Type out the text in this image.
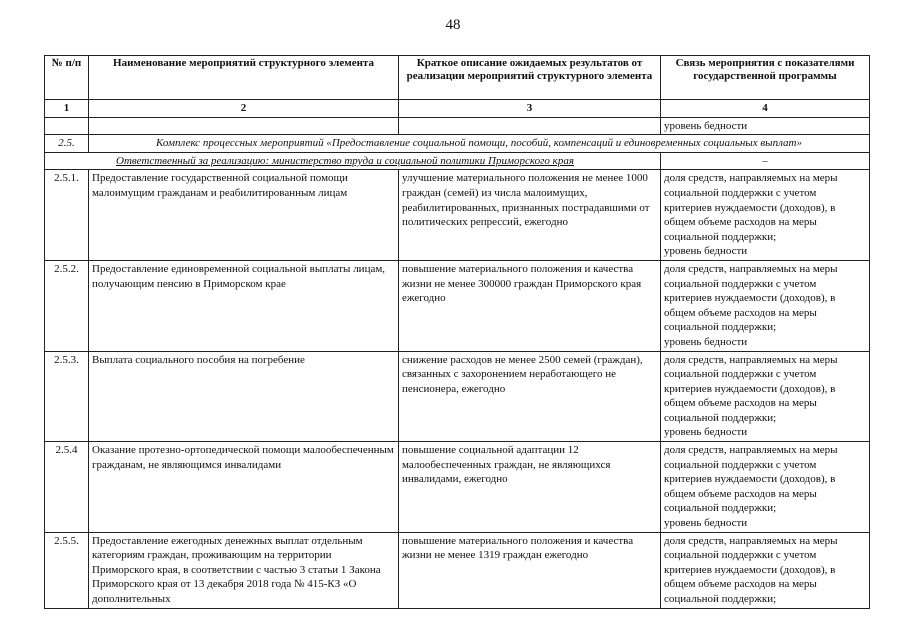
48
№ п/п	Наименование мероприятий структурного элемента	Краткое описание ожидаемых результатов от реализации мероприятий структурного элемента	Связь мероприятия с показателями государственной программы
1	2	3	4
			уровень бедности
2.5.	Комплекс процессных мероприятий «Предоставление социальной помощи, пособий, компенсаций и единовременных социальных выплат»		
Ответственный за реализацию: министерство труда и социальной политики Приморского края			–
2.5.1.	Предоставление государственной социальной помощи малоимущим гражданам и реабилитированным лицам	улучшение материального положения не менее 1000 граждан (семей) из числа малоимущих, реабилитированных, признанных пострадавшими от политических репрессий, ежегодно	доля средств, направляемых на меры социальной поддержки с учетом критериев нуждаемости (доходов), в общем объеме расходов на меры социальной поддержки;
уровень бедности
2.5.2.	Предоставление единовременной социальной выплаты лицам, получающим пенсию в Приморском крае	повышение материального положения и качества жизни не менее 300000 граждан Приморского края ежегодно	доля средств, направляемых на меры социальной поддержки с учетом критериев нуждаемости (доходов), в общем объеме расходов на меры социальной поддержки;
уровень бедности
2.5.3.	Выплата социального пособия на погребение	снижение расходов не менее 2500 семей (граждан), связанных с захоронением неработающего не пенсионера, ежегодно	доля средств, направляемых на меры социальной поддержки с учетом критериев нуждаемости (доходов), в общем объеме расходов на меры социальной поддержки;
уровень бедности
2.5.4	Оказание протезно-ортопедической помощи малообеспеченным гражданам, не являющимся инвалидами	повышение социальной адаптации 12 малообеспеченных граждан, не являющихся инвалидами, ежегодно	доля средств, направляемых на меры социальной поддержки с учетом критериев нуждаемости (доходов), в общем объеме расходов на меры социальной поддержки;
уровень бедности
2.5.5.	Предоставление ежегодных денежных выплат отдельным категориям граждан, проживающим на территории Приморского края, в соответствии с частью 3 статьи 1 Закона Приморского края от 13 декабря 2018 года № 415-КЗ «О дополнительных	повышение материального положения и качества жизни не менее 1319 граждан ежегодно	доля средств, направляемых на меры социальной поддержки с учетом критериев нуждаемости (доходов), в общем объеме расходов на меры социальной поддержки;
